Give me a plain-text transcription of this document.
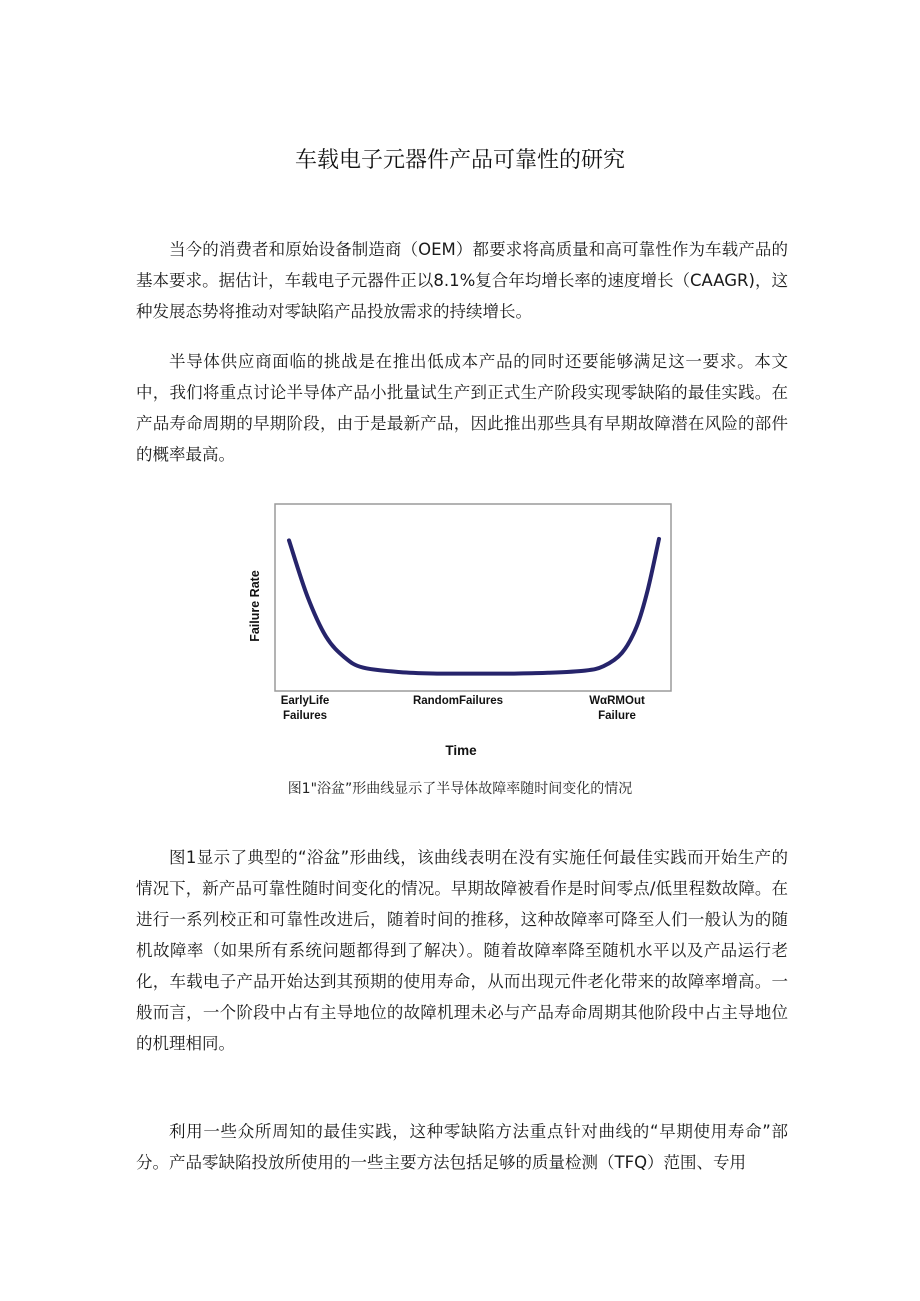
车载电子元器件产品可靠性的研究

当今的消费者和原始设备制造商（OEM）都要求将高质量和高可靠性作为车载产品的基本要求。据估计，车载电子元器件正以8.1%复合年均增长率的速度增长（CAAGR)，这种发展态势将推动对零缺陷产品投放需求的持续增长。

半导体供应商面临的挑战是在推出低成本产品的同时还要能够满足这一要求。本文中，我们将重点讨论半导体产品小批量试生产到正式生产阶段实现零缺陷的最佳实践。在产品寿命周期的早期阶段，由于是最新产品，因此推出那些具有早期故障潜在风险的部件的概率最高。

Failure Rate
EarlyLife
Failures
RandomFailures	WαRMOut
Failure
Time
图1"浴盆”形曲线显示了半导体故障率随时间变化的情况

图1显示了典型的“浴盆”形曲线，该曲线表明在没有实施任何最佳实践而开始生产的情况下，新产品可靠性随时间变化的情况。早期故障被看作是时间零点/低里程数故障。在进行一系列校正和可靠性改进后，随着时间的推移，这种故障率可降至人们一般认为的随机故障率（如果所有系统问题都得到了解决）。随着故障率降至随机水平以及产品运行老化，车载电子产品开始达到其预期的使用寿命，从而出现元件老化带来的故障率增高。一般而言，一个阶段中占有主导地位的故障机理未必与产品寿命周期其他阶段中占主导地位的机理相同。

利用一些众所周知的最佳实践，这种零缺陷方法重点针对曲线的“早期使用寿命”部分。产品零缺陷投放所使用的一些主要方法包括足够的质量检测（TFQ）范围、专用
